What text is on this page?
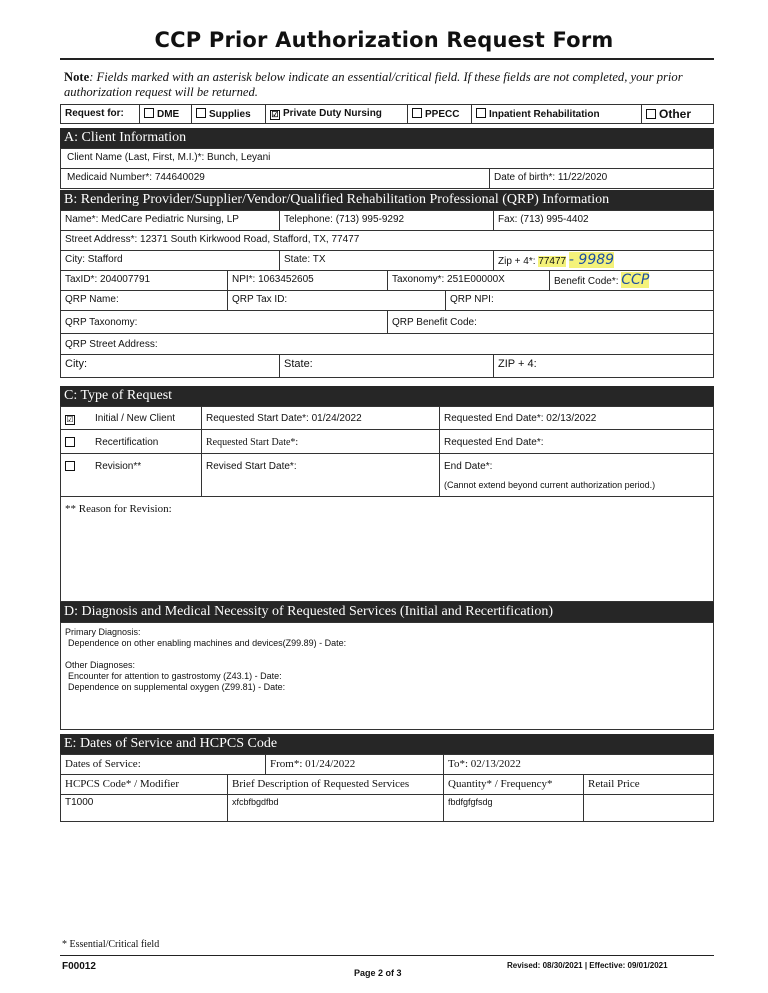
CCP Prior Authorization Request Form
Note: Fields marked with an asterisk below indicate an essential/critical field. If these fields are not completed, your prior authorization request will be returned.
Request for:	DME	Supplies	☑ Private Duty Nursing	PPECC	Inpatient Rehabilitation	Other
A: Client Information
Client Name (Last, First, M.I.)*: Bunch, Leyani
Medicaid Number*: 744640029	Date of birth*: 11/22/2020
B: Rendering Provider/Supplier/Vendor/Qualified Rehabilitation Professional (QRP) Information
Name*: MedCare Pediatric Nursing, LP	Telephone: (713) 995-9292	Fax: (713) 995-4402
Street Address*: 12371 South Kirkwood Road, Stafford, TX, 77477
City: Stafford	State: TX	Zip + 4*: 77477 - 9989
TaxID*: 204007791	NPI*: 1063452605	Taxonomy*: 251E00000X	Benefit Code*: CCP
QRP Name:	QRP Tax ID:	QRP NPI:
QRP Taxonomy:	QRP Benefit Code:
QRP Street Address:
City:	State:	ZIP + 4:
C: Type of Request
☑	Initial / New Client	Requested Start Date*: 01/24/2022	Requested End Date*: 02/13/2022
Recertification	Requested Start Date*:	Requested End Date*:
Revision**	Revised Start Date*:	End Date*:
(Cannot extend beyond current authorization period.)
** Reason for Revision:
D: Diagnosis and Medical Necessity of Requested Services (Initial and Recertification)
Primary Diagnosis:
Dependence on other enabling machines and devices(Z99.89) - Date:
Other Diagnoses:
Encounter for attention to gastrostomy (Z43.1) - Date:
Dependence on supplemental oxygen (Z99.81) - Date:
E: Dates of Service and HCPCS Code
Dates of Service:	From*: 01/24/2022	To*: 02/13/2022
HCPCS Code* / Modifier	Brief Description of Requested Services	Quantity* / Frequency*	Retail Price
T1000	xfcbfbgdfbd	fbdfgfgfsdg
* Essential/Critical field
F00012
Page 2 of 3
Revised: 08/30/2021 | Effective: 09/01/2021
